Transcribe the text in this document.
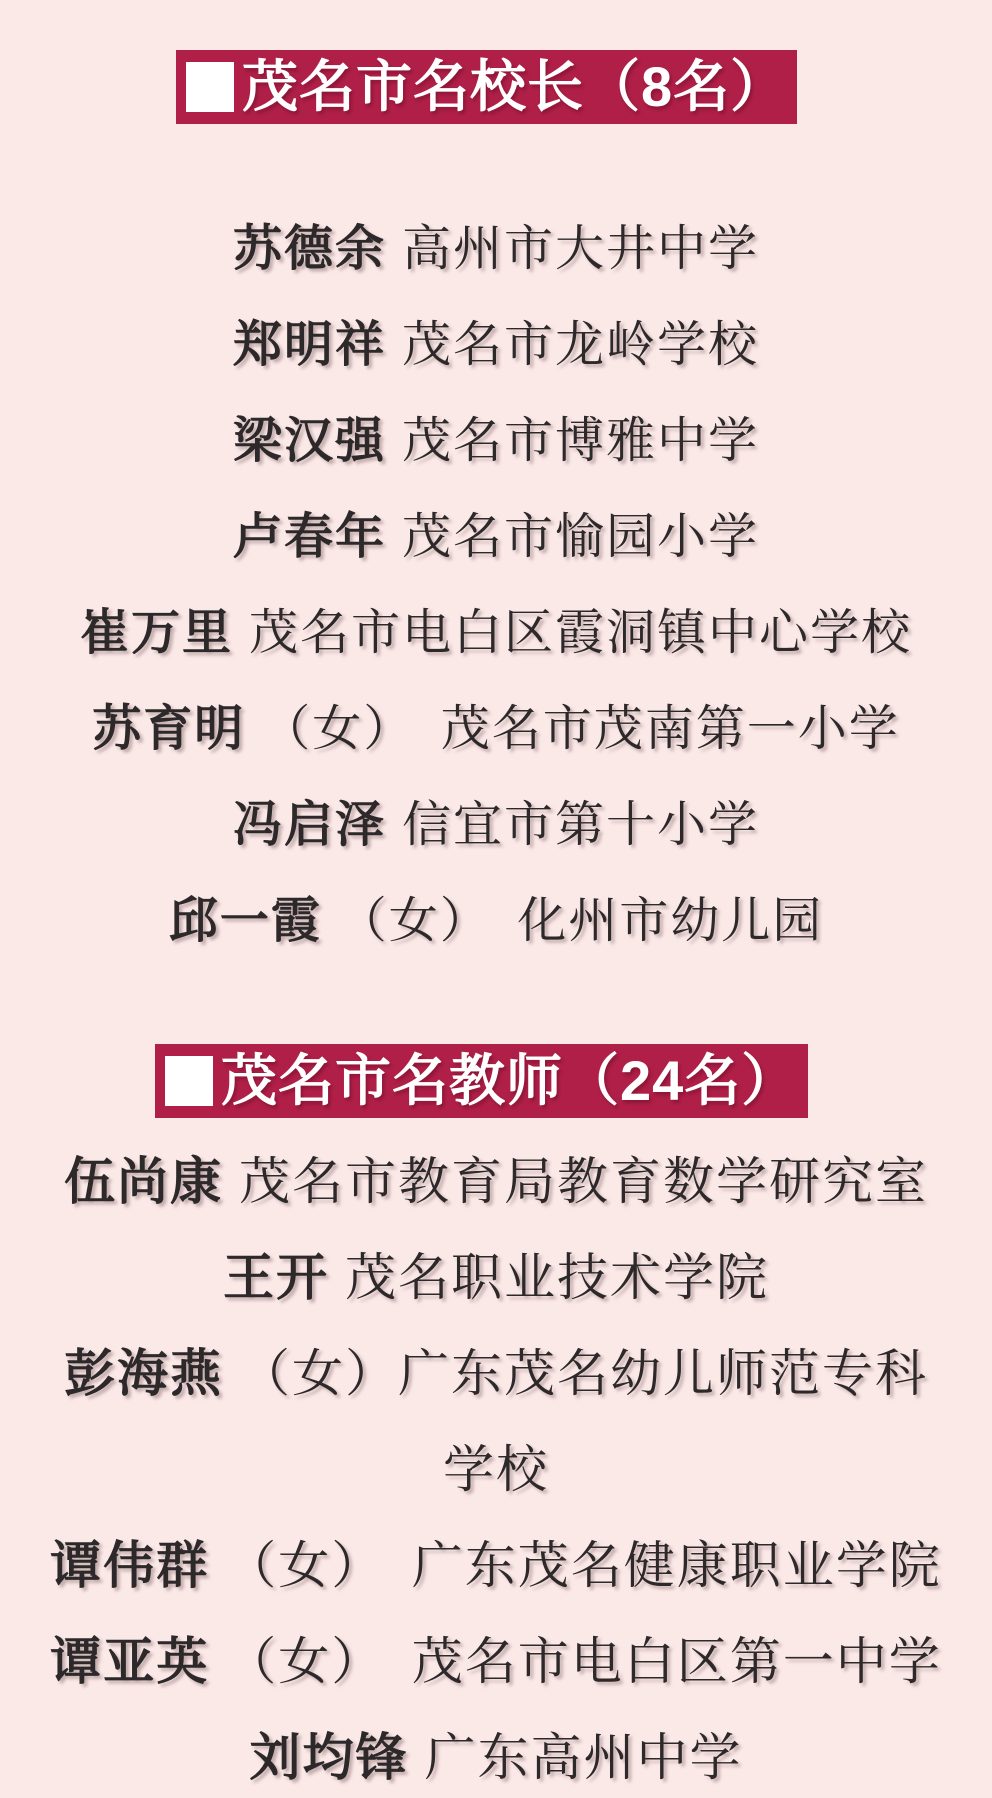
茂名市名校长（8名）
苏德余 高州市大井中学
郑明祥 茂名市龙岭学校
梁汉强 茂名市博雅中学
卢春年 茂名市愉园小学
崔万里 茂名市电白区霞洞镇中心学校
苏育明 （女）　茂名市茂南第一小学
冯启泽 信宜市第十小学
邱一霞 （女）　化州市幼儿园
茂名市名教师（24名）
伍尚康 茂名市教育局教育数学研究室
王开 茂名职业技术学院
彭海燕 （女）广东茂名幼儿师范专科
学校
谭伟群 （女）　广东茂名健康职业学院
谭亚英 （女）　茂名市电白区第一中学
刘均锋 广东高州中学
